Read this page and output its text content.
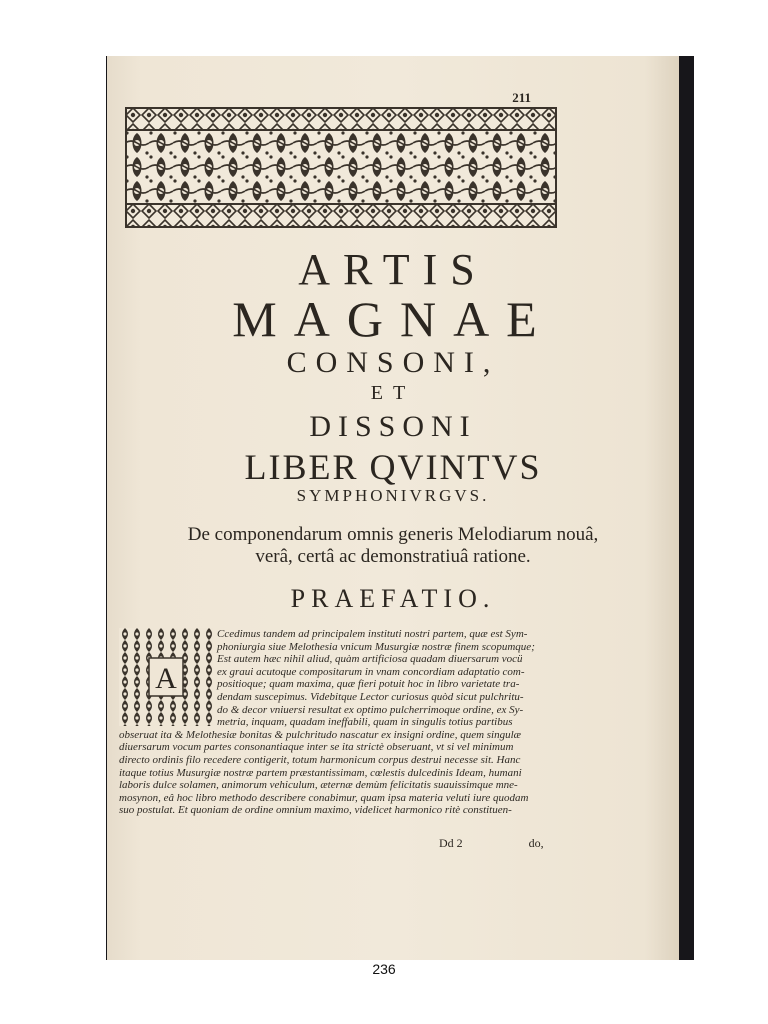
211
ARTIS
MAGNAE
CONSONI,
ET
DISSONI
LIBER QVINTVS
SYMPHONIVRGVS.
De componendarum omnis generis Melodiarum nouâ,
verâ, certâ ac demonstratiuâ ratione.
PRAEFATIO.
Ccedimus tandem ad principalem instituti nostri partem, quæ est Sym-
phoniurgia siue Melothesia vnicum Musurgiæ nostræ finem scopumque;
Est autem hæc nihil aliud, quàm artificiosa quadam diuersarum vocü
ex graui acutoque compositarum in vnam concordiam adaptatio com-
positioque; quam maxima, quæ fieri potuit hoc in libro varietate tra-
dendam suscepimus. Videbitque Lector curiosus quòd sicut pulchritu-
do & decor vniuersi resultat ex optimo pulcherrimoque ordine, ex Sy-
metria, inquam, quadam ineffabili, quam in singulis totius partibus
obseruat ita & Melothesiæ bonitas & pulchritudo nascatur ex insigni ordine, quem singulæ
diuersarum vocum partes consonantiaque inter se ita strictè obseruant, vt si vel minimum
directo ordinis filo recedere contigerit, totum harmonicum corpus destrui necesse sit. Hanc
itaque totius Musurgiæ nostræ partem præstantissimam, cœlestis dulcedinis Ideam, humani
laboris dulce solamen, animorum vehiculum, æternæ demùm felicitatis suauissimque mne-
mosynon, eâ hoc libro methodo describere conabimur, quam ipsa materia veluti iure quodam
suo postulat. Et quoniam de ordine omnium maximo, videlicet harmonico ritè constituen-
A
Dd 2	do,
236
